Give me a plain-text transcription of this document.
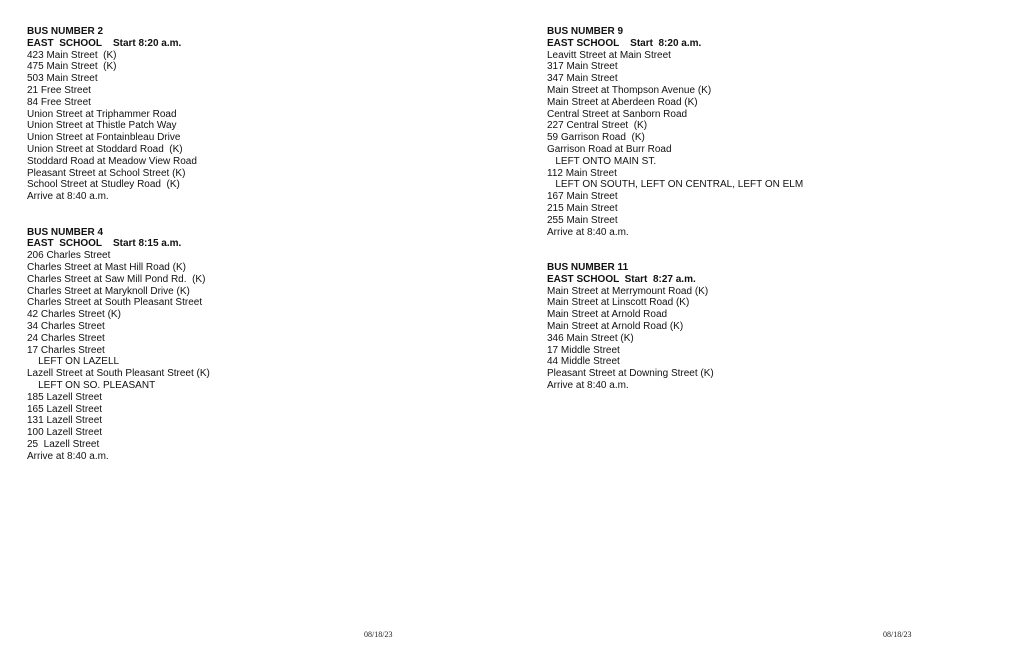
BUS NUMBER 2

EAST  SCHOOL    Start 8:20 a.m.

423 Main Street  (K)

475 Main Street  (K)

503 Main Street

21 Free Street

84 Free Street

Union Street at Triphammer Road

Union Street at Thistle Patch Way

Union Street at Fontainbleau Drive

Union Street at Stoddard Road  (K)

Stoddard Road at Meadow View Road

Pleasant Street at School Street (K)

School Street at Studley Road  (K)

Arrive at 8:40 a.m.

BUS NUMBER 4

EAST  SCHOOL    Start 8:15 a.m.

206 Charles Street

Charles Street at Mast Hill Road (K)

Charles Street at Saw Mill Pond Rd.  (K)

Charles Street at Maryknoll Drive (K)

Charles Street at South Pleasant Street

42 Charles Street (K)

34 Charles Street

24 Charles Street

17 Charles Street

LEFT ON LAZELL

Lazell Street at South Pleasant Street (K)

LEFT ON SO. PLEASANT

185 Lazell Street

165 Lazell Street

131 Lazell Street

100 Lazell Street

25  Lazell Street

Arrive at 8:40 a.m.

BUS NUMBER 9

EAST SCHOOL    Start  8:20 a.m.

Leavitt Street at Main Street

317 Main Street

347 Main Street

Main Street at Thompson Avenue (K)

Main Street at Aberdeen Road (K)

Central Street at Sanborn Road

227 Central Street  (K)

59 Garrison Road  (K)

Garrison Road at Burr Road

LEFT ONTO MAIN ST.

112 Main Street

LEFT ON SOUTH, LEFT ON CENTRAL, LEFT ON ELM

167 Main Street

215 Main Street

255 Main Street

Arrive at 8:40 a.m.

BUS NUMBER 11

EAST SCHOOL  Start  8:27 a.m.

Main Street at Merrymount Road (K)

Main Street at Linscott Road (K)

Main Street at Arnold Road

Main Street at Arnold Road (K)

346 Main Street (K)

17 Middle Street

44 Middle Street

Pleasant Street at Downing Street (K)

Arrive at 8:40 a.m.

08/18/23	08/18/23
